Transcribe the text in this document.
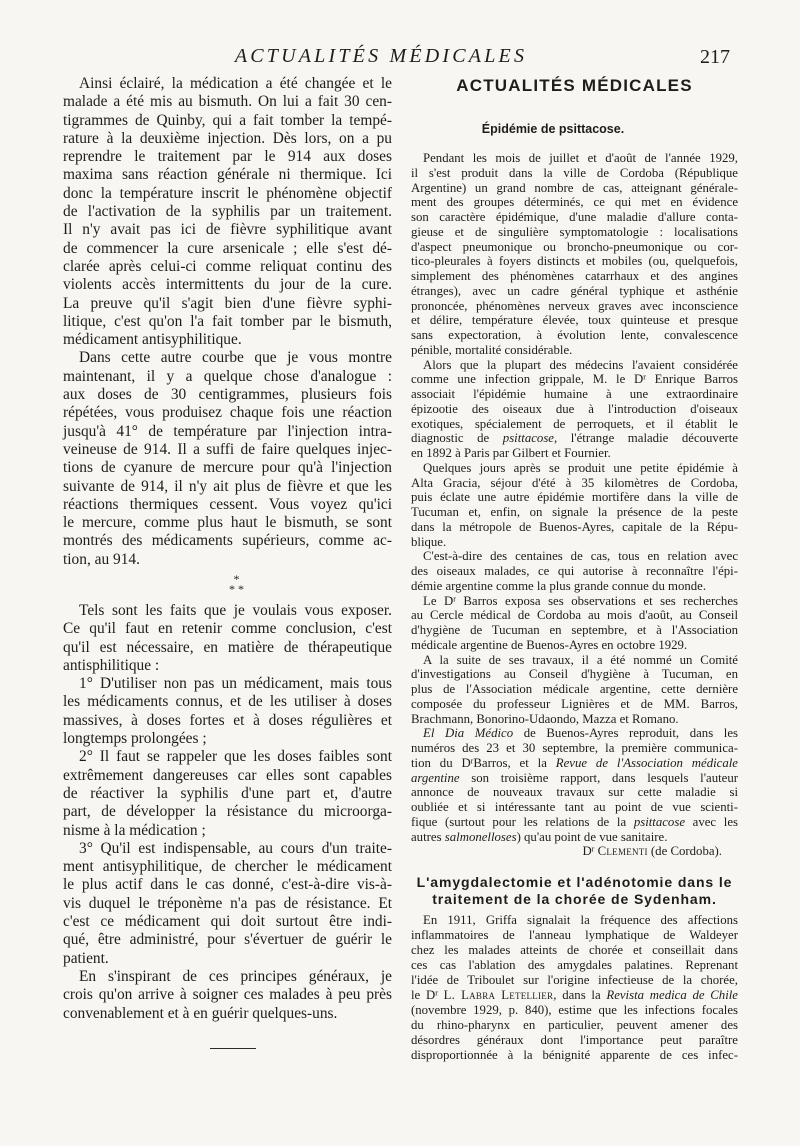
ACTUALITÉS MÉDICALES	217
Ainsi éclairé, la médication a été changée et le
malade a été mis au bismuth. On lui a fait 30 cen-
tigrammes de Quinby, qui a fait tomber la tempé-
rature à la deuxième injection. Dès lors, on a pu
reprendre le traitement par le 914 aux doses
maxima sans réaction générale ni thermique. Ici
donc la température inscrit le phénomène objectif
de l'activation de la syphilis par un traitement.
Il n'y avait pas ici de fièvre syphilitique avant
de commencer la cure arsenicale ; elle s'est dé-
clarée après celui-ci comme reliquat continu des
violents accès intermittents du jour de la cure.
La preuve qu'il s'agit bien d'une fièvre syphi-
litique, c'est qu'on l'a fait tomber par le bismuth,
médicament antisyphilitique.
Dans cette autre courbe que je vous montre
maintenant, il y a quelque chose d'analogue :
aux doses de 30 centigrammes, plusieurs fois
répétées, vous produisez chaque fois une réaction
jusqu'à 41° de température par l'injection intra-
veineuse de 914. Il a suffi de faire quelques injec-
tions de cyanure de mercure pour qu'à l'injection
suivante de 914, il n'y ait plus de fièvre et que les
réactions thermiques cessent. Vous voyez qu'ici
le mercure, comme plus haut le bismuth, se sont
montrés des médicaments supérieurs, comme ac-
tion, au 914.
*
* *
Tels sont les faits que je voulais vous exposer.
Ce qu'il faut en retenir comme conclusion, c'est
qu'il est nécessaire, en matière de thérapeutique
antisphilitique :
1° D'utiliser non pas un médicament, mais tous
les médicaments connus, et de les utiliser à doses
massives, à doses fortes et à doses régulières et
longtemps prolongées ;
2° Il faut se rappeler que les doses faibles sont
extrêmement dangereuses car elles sont capables
de réactiver la syphilis d'une part et, d'autre
part, de développer la résistance du microorga-
nisme à la médication ;
3° Qu'il est indispensable, au cours d'un traite-
ment antisyphilitique, de chercher le médicament
le plus actif dans le cas donné, c'est-à-dire vis-à-
vis duquel le tréponème n'a pas de résistance. Et
c'est ce médicament qui doit surtout être indi-
qué, être administré, pour s'évertuer de guérir le
patient.
En s'inspirant de ces principes généraux, je
crois qu'on arrive à soigner ces malades à peu près
convenablement et à en guérir quelques-uns.
ACTUALITÉS MÉDICALES
Épidémie de psittacose.
Pendant les mois de juillet et d'août de l'année 1929,
il s'est produit dans la ville de Cordoba (République
Argentine) un grand nombre de cas, atteignant générale-
ment des groupes déterminés, ce qui met en évidence
son caractère épidémique, d'une maladie d'allure conta-
gieuse et de singulière symptomatologie : localisations
d'aspect pneumonique ou broncho-pneumonique ou cor-
tico-pleurales à foyers distincts et mobiles (ou, quelquefois,
simplement des phénomènes catarrhaux et des angines
étranges), avec un cadre général typhique et asthénie
prononcée, phénomènes nerveux graves avec inconscience
et délire, température élevée, toux quinteuse et presque
sans expectoration, à évolution lente, convalescence
pénible, mortalité considérable.
Alors que la plupart des médecins l'avaient considérée
comme une infection grippale, M. le $D^r$ Enrique Barros
associait l'épidémie humaine à une extraordinaire
épizootie des oiseaux due à l'introduction d'oiseaux
exotiques, spécialement de perroquets, et il établit le
diagnostic de psittacose, l'étrange maladie découverte
en 1892 à Paris par Gilbert et Fournier.
Quelques jours après se produit une petite épidémie à
Alta Gracia, séjour d'été à 35 kilomètres de Cordoba,
puis éclate une autre épidémie mortifère dans la ville de
Tucuman et, enfin, on signale la présence de la peste
dans la métropole de Buenos-Ayres, capitale de la Répu-
blique.
C'est-à-dire des centaines de cas, tous en relation avec
des oiseaux malades, ce qui autorise à reconnaître l'épi-
démie argentine comme la plus grande connue du monde.
Le $D^r$ Barros exposa ses observations et ses recherches
au Cercle médical de Cordoba au mois d'août, au Conseil
d'hygiène de Tucuman en septembre, et à l'Association
médicale argentine de Buenos-Ayres en octobre 1929.
A la suite de ses travaux, il a été nommé un Comité
d'investigations au Conseil d'hygiène à Tucuman, en
plus de l'Association médicale argentine, cette dernière
composée du professeur Lignières et de MM. Barros,
Brachmann, Bonorino-Udaondo, Mazza et Romano.
El Dia Médico de Buenos-Ayres reproduit, dans les
numéros des 23 et 30 septembre, la première communica-
tion du $D^rBarros$, et la Revue de l'Association médicale
argentine son troisième rapport, dans lesquels l'auteur
annonce de nouveaux travaux sur cette maladie si
oubliée et si intéressante tant au point de vue scienti-
fique (surtout pour les relations de la psittacose avec les
autres salmonelloses) qu'au point de vue sanitaire.
$D^r$ Clementi (de Cordoba).
L'amygdalectomie et l'adénotomie dans le
traitement de la chorée de Sydenham.
En 1911, Griffa signalait la fréquence des affections
inflammatoires de l'anneau lymphatique de Waldeyer
chez les malades atteints de chorée et conseillait dans
ces cas l'ablation des amygdales palatines. Reprenant
l'idée de Triboulet sur l'origine infectieuse de la chorée,
le $D^r$ L. Labra Letellier, dans la Revista medica de Chile
(novembre 1929, p. 840), estime que les infections focales
du rhino-pharynx en particulier, peuvent amener des
désordres généraux dont l'importance peut paraître
disproportionnée à la bénignité apparente de ces infec-
